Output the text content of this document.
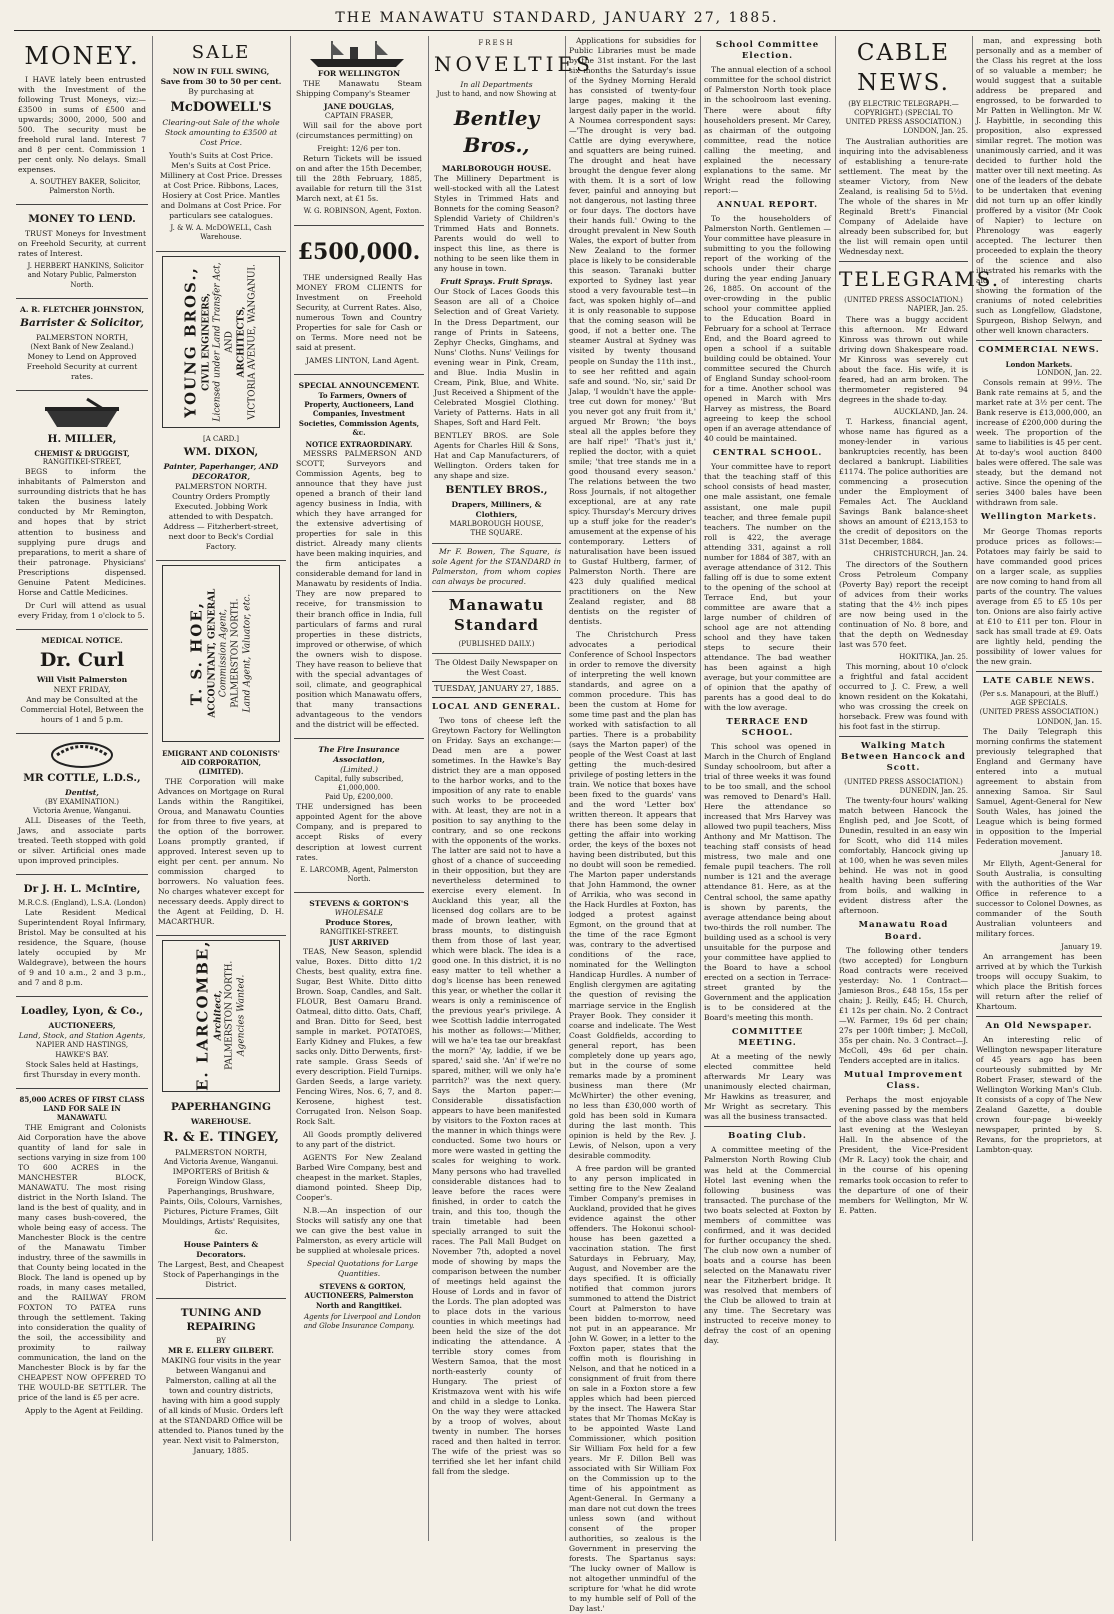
THE MANAWATU STANDARD, JANUARY 27, 1885.
MONEY.

I HAVE lately been entrusted with the Investment of the following Trust Moneys, viz:— £3500 in sums of £500 and upwards; 3000, 2000, 500 and 500. The security must be freehold rural land. Interest 7 and 8 per cent. Commission 1 per cent only. No delays. Small expenses.

A. SOUTHEY BAKER, Solicitor, Palmerston North.

MONEY TO LEND.

TRUST Moneys for Investment on Freehold Security, at current rates of Interest.

J. HERBERT HANKINS, Solicitor and Notary Public, Palmerston North.

A. R. FLETCHER JOHNSTON,
Barrister & Solicitor,
PALMERSTON NORTH,
(Next Bank of New Zealand.)

Money to Lend on Approved Freehold Security at current rates.

H. MILLER,
CHEMIST & DRUGGIST,
RANGITIKEI-STREET,

BEGS to inform the inhabitants of Palmerston and surrounding districts that he has taken the business lately conducted by Mr Remington, and hopes that by strict attention to business and supplying pure drugs and preparations, to merit a share of their patronage. Physicians' Prescriptions dispensed. Genuine Patent Medicines. Horse and Cattle Medicines.

Dr Curl will attend as usual every Friday, from 1 o'clock to 5.

MEDICAL NOTICE.
Dr. Curl
Will Visit Palmerston
NEXT FRIDAY,

And may be Consulted at the Commercial Hotel, Between the hours of 1 and 5 p.m.

MR COTTLE, L.D.S.,
Dentist,
(BY EXAMINATION.)
Victoria Avenue, Wanganui.

ALL Diseases of the Teeth, Jaws, and associate parts treated. Teeth stopped with gold or silver. Artificial ones made upon improved principles.

Dr J. H. L. McIntire,
M.R.C.S. (England), L.S.A. (London)

Late Resident Medical Superintendent Royal Infirmary, Bristol. May be consulted at his residence, the Square, (house lately occupied by Mr Waldegrave), between the hours of 9 and 10 a.m., 2 and 3 p.m., and 7 and 8 p.m.

Loadley, Lyon, & Co.,
AUCTIONEERS,
Land, Stock, and Station Agents,
NAPIER AND HASTINGS, HAWKE'S BAY.

Stock Sales held at Hastings, first Thursday in every month.

85,000 ACRES OF FIRST CLASS LAND FOR SALE IN MANAWATU.

THE Emigrant and Colonists Aid Corporation have the above quantity of land for sale in sections varying in size from 100 TO 600 ACRES in the MANCHESTER BLOCK, MANAWATU. The most rising district in the North Island. The land is the best of quality, and in many cases bush-covered, the whole being easy of access. The Manchester Block is the centre of the Manawatu Timber industry, three of the sawmills in that County being located in the Block. The land is opened up by roads, in many cases metalled, and the RAILWAY FROM FOXTON TO PATEA runs through the settlement. Taking into consideration the quality of the soil, the accessibility and proximity to railway communication, the land on the Manchester Block is by far the CHEAPEST NOW OFFERED TO THE WOULD-BE SETTLER. The price of the land is £5 per acre.

Apply to the Agent at Feilding.

SALE
NOW IN FULL SWING,
Save from 30 to 50 per cent.
By purchasing at
McDOWELL'S

Clearing-out Sale of the whole Stock amounting to £3500 at Cost Price.

Youth's Suits at Cost Price. Men's Suits at Cost Price. Millinery at Cost Price. Dresses at Cost Price. Ribbons, Laces, Hosiery at Cost Price. Mantles and Dolmans at Cost Price. For particulars see catalogues.

J. & W. A. McDOWELL, Cash Warehouse.

YOUNG BROS., CIVIL ENGINEERS, Licensed under Land Transfer Act, AND ARCHITECTS, VICTORIA AVENUE, WANGANUI.
[A CARD.]
WM. DIXON,
Painter, Paperhanger, AND DECORATOR,
PALMERSTON NORTH.

Country Orders Promptly Executed. Jobbing Work attended to with Despatch. Address — Fitzherbert-street, next door to Beck's Cordial Factory.

T. S. HOE, ACCOUNTANT, GENERAL Commission Agent, PALMERSTON NORTH. Land Agent, Valuator, etc.
EMIGRANT AND COLONISTS' AID CORPORATION, (LIMITED).

THE Corporation will make Advances on Mortgage on Rural Lands within the Rangitikei, Oroua, and Manawatu Counties for from three to five years, at the option of the borrower. Loans promptly granted, if approved. Interest seven up to eight per cent. per annum. No commission charged to borrowers. No valuation fees. No charges whatever except for necessary deeds. Apply direct to the Agent at Feilding, D. H. MACARTHUR.

E. LARCOMBE, Architect, PALMERSTON NORTH. Agencies Wanted.
PAPERHANGING
WAREHOUSE.
R. & E. TINGEY,
PALMERSTON NORTH,
And Victoria Avenue, Wanganui.

IMPORTERS of British & Foreign Window Glass, Paperhangings, Brushware, Paints, Oils, Colours, Varnishes, Pictures, Picture Frames, Gilt Mouldings, Artists' Requisites, &c.

House Painters & Decorators.

The Largest, Best, and Cheapest Stock of Paperhangings in the District.

TUNING AND REPAIRING
BY
MR E. ELLERY GILBERT.

MAKING four visits in the year between Wanganui and Palmerston, calling at all the town and country districts, having with him a good supply of all kinds of Music. Orders left at the STANDARD Office will be attended to. Pianos tuned by the year. Next visit to Palmerston, January, 1885.

FOR WELLINGTON

THE Manawatu Steam Shipping Company's Steamer

JANE DOUGLAS,
CAPTAIN FRASER,

Will sail for the above port (circumstances permitting) on

Freight: 12/6 per ton.

Return Tickets will be issued on and after the 15th December, till the 28th February, 1885, available for return till the 31st March next, at £1 5s.

W. G. ROBINSON, Agent, Foxton.

£500,000.

THE undersigned Really Has MONEY FROM CLIENTS for Investment on Freehold Security, at Current Rates. Also, numerous Town and Country Properties for sale for Cash or on Terms. More need not be said at present.

JAMES LINTON, Land Agent.

SPECIAL ANNOUNCEMENT.

To Farmers, Owners of Property, Auctioneers, Land Companies, Investment Societies, Commission Agents, &c.

NOTICE EXTRAORDINARY.

MESSRS PALMERSON AND SCOTT, Surveyors and Commission Agents, beg to announce that they have just opened a branch of their land agency business in India, with which they have arranged for the extensive advertising of properties for sale in this district. Already many clients have been making inquiries, and the firm anticipates a considerable demand for land in Manawatu by residents of India. They are now prepared to receive, for transmission to their branch office in India, full particulars of farms and rural properties in these districts, improved or otherwise, of which the owners wish to dispose. They have reason to believe that with the special advantages of soil, climate, and geographical position which Manawatu offers, that many transactions advantageous to the vendors and the district will be effected.

The Fire Insurance Association,
(Limited.)
Capital, fully subscribed, £1,000,000.
Paid Up, £200,000.

THE undersigned has been appointed Agent for the above Company, and is prepared to accept Risks of every description at lowest current rates.

E. LARCOMB, Agent, Palmerston North.

STEVENS & GORTON'S
WHOLESALE
Produce Stores,
RANGITIKEI-STREET.
JUST ARRIVED

TEAS, New Season, splendid value, Boxes. Ditto ditto 1/2 Chests, best quality, extra fine. Sugar, Best White. Ditto ditto Brown. Soap, Candles, and Salt. FLOUR, Best Oamaru Brand. Oatmeal, ditto ditto. Oats, Chaff, and Bran. Ditto for Seed, best sample in market. POTATOES, Early Kidney and Flukes, a few sacks only. Ditto Derwents, first-rate sample. Grass Seeds of every description. Field Turnips. Garden Seeds, a large variety. Fencing Wires, Nos. 6, 7, and 8. Kerosene, highest test. Corrugated Iron. Nelson Soap. Rock Salt.

All Goods promptly delivered to any part of the district.

AGENTS For New Zealand Barbed Wire Company, best and cheapest in the market. Staples, diamond pointed. Sheep Dip, Cooper's.

N.B.—An inspection of our Stocks will satisfy any one that we can give the best value in Palmerston, as every article will be supplied at wholesale prices.

Special Quotations for Large Quantities.

STEVENS & GORTON, AUCTIONEERS, Palmerston North and Rangitikei.

Agents for Liverpool and London and Globe Insurance Company.

FRESH
NOVELTIES
In all Departments
Just to hand, and now Showing at
Bentley Bros.,
MARLBOROUGH HOUSE.

The Millinery Department is well-stocked with all the Latest Styles in Trimmed Hats and Bonnets for the coming Season? Splendid Variety of Children's Trimmed Hats and Bonnets. Parents would do well to inspect this line, as there is nothing to be seen like them in any house in town.

Fruit Sprays. Fruit Sprays.

Our Stock of Laces Goods this Season are all of a Choice Selection and of Great Variety. In the Dress Department, our range of Prints in Sateens, Zephyr Checks, Ginghams, and Nuns' Cloths. Nuns' Veilings for evening wear in Pink, Cream, and Blue. India Muslin in Cream, Pink, Blue, and White. Just Received a Shipment of the Celebrated Mosgiel Clothing. Variety of Patterns. Hats in all Shapes, Soft and Hard Felt.

BENTLEY BROS. are Sole Agents for Charles Hill & Sons, Hat and Cap Manufacturers, of Wellington. Orders taken for any shape and size.

BENTLEY BROS.,
Drapers, Milliners, & Clothiers,
MARLBOROUGH HOUSE,
THE SQUARE.

Mr F. Bowen, The Square, is sole Agent for the STANDARD in Palmerston, from whom copies can always be procured.

Manawatu Standard
(PUBLISHED DAILY.)
The Oldest Daily Newspaper on the West Coast.
TUESDAY, JANUARY 27, 1885.
LOCAL AND GENERAL.

Two tons of cheese left the Greytown Factory for Wellington on Friday. Says an exchange:—Dead men are a power sometimes. In the Hawke's Bay district they are a man opposed to the harbor works, and to the imposition of any rate to enable such works to be proceeded with. At least, they are not in a position to say anything to the contrary, and so one reckons with the opponents of the works. The latter are said not to have a ghost of a chance of succeeding in their opposition, but they are nevertheless determined to exercise every element. In Auckland this year, all the licensed dog collars are to be made of brown leather, with brass mounts, to distinguish them from those of last year, which were black. The idea is a good one. In this district, it is no easy matter to tell whether a dog's license has been renewed this year, or whether the collar it wears is only a reminiscence of the previous year's privilege. A wee Scottish laddie interrogated his mother as follows:—'Mither, will we ha'e tea tae our breakfast the morn?' 'Ay, laddie, if we be spared,' said she. 'An' if we're no spared, mither, will we only ha'e parritch?' was the next query. Says the Marton paper:—Considerable dissatisfaction appears to have been manifested by visitors to the Foxton races at the manner in which things were conducted. Some two hours or more were wasted in getting the scales for weighing to work. Many persons who had travelled considerable distances had to leave before the races were finished, in order to catch the train, and this too, though the train timetable had been specially arranged to suit the races. The Pall Mall Budget on November 7th, adopted a novel mode of showing by maps the comparison between the number of meetings held against the House of Lords and in favor of the Lords. The plan adopted was to place dots in the various counties in which meetings had been held the size of the dot indicating the attendance. A terrible story comes from Western Samoa, that the most north-easterly county of Hungary. The priest of Kristmazova went with his wife and child in a sledge to Lonka. On the way they were attacked by a troop of wolves, about twenty in number. The horses raced and then halted in terror. The wife of the priest was so terrified she let her infant child fall from the sledge.

Applications for subsidies for Public Libraries must be made by the 31st instant. For the last six months the Saturday's issue of the Sydney Morning Herald has consisted of twenty-four large pages, making it the largest daily paper in the world. A Noumea correspondent says:—'The drought is very bad. Cattle are dying everywhere, and squatters are being ruined. The drought and heat have brought the dengue fever along with them. It is a sort of low fever, painful and annoying but not dangerous, not lasting three or four days. The doctors have their hands full.' Owing to the drought prevalent in New South Wales, the export of butter from New Zealand to the former place is likely to be considerable this season. Taranaki butter exported to Sydney last year stood a very favourable test—in fact, was spoken highly of—and it is only reasonable to suppose that the coming season will be good, if not a better one. The steamer Austral at Sydney was visited by twenty thousand people on Sunday the 11th inst., to see her refitted and again safe and sound. 'No, sir,' said Dr Jalap, 'I wouldn't have the apple-tree cut down for money.' 'But you never got any fruit from it,' argued Mr Brown; 'the boys steal all the apples before they are half ripe!' 'That's just it,' replied the doctor, with a quiet smile; 'that tree stands me in a good thousand every season.' The relations between the two Ross Journals, if not altogether exceptional, are at any rate spicy. Thursday's Mercury drives up a stuff joke for the reader's amusement at the expense of his contemporary. Letters of naturalisation have been issued to Gustaf Hultberg, farmer, of Palmerston North. There are 423 duly qualified medical practitioners on the New Zealand register, and 88 dentists on the register of dentists.

The Christchurch Press advocates a periodical Conference of School Inspectors in order to remove the diversity of interpreting the well known standards, and agree on a common procedure. This has been the custom at Home for some time past and the plan has worked with satisfaction to all parties. There is a probability (says the Marton paper) of the people of the West Coast at last getting the much-desired privilege of posting letters in the train. We notice that boxes have been fixed to the guards' vans and the word 'Letter box' written thereon. It appears that there has been some delay in getting the affair into working order, the keys of the boxes not having been distributed, but this no doubt will soon be remedied. The Marton paper understands that John Hammond, the owner of Arrikia, who was second in the Hack Hurdles at Foxton, has lodged a protest against Egmont, on the ground that at the time of the race Egmont was, contrary to the advertised conditions of the race, nominated for the Wellington Handicap Hurdles. A number of English clergymen are agitating the question of revising the marriage service in the English Prayer Book. They consider it coarse and indelicate. The West Coast Goldfields, according to general report, has been completely done up years ago, but in the course of some remarks made by a prominent business man there (Mr McWhirter) the other evening, no less than £30,000 worth of gold has been sold in Kumara during the last month. This opinion is held by the Rev. J. Lewis, of Nelson, upon a very desirable commodity.

A free pardon will be granted to any person implicated in setting fire to the New Zealand Timber Company's premises in Auckland, provided that he gives evidence against the other offenders. The Hokonui school-house has been gazetted a vaccination station. The first Saturdays in February, May, August, and November are the days specified. It is officially notified that common jurors summoned to attend the District Court at Palmerston to have been bidden to-morrow, need not put in an appearance. Mr John W. Gower, in a letter to the Foxton paper, states that the coffin moth is flourishing in Nelson, and that he noticed in a consignment of fruit from there on sale in a Foxton store a few apples which had been pierced by the insect. The Hawera Star states that Mr Thomas McKay is to be appointed Waste Land Commissioner, which position Sir William Fox held for a few years. Mr F. Dillon Bell was associated with Sir William Fox on the Commission up to the time of his appointment as Agent-General. In Germany a man dare not cut down the trees unless sown (and without consent of the proper authorities, so zealous is the Government in preserving the forests. The Spartanus says: 'The lucky owner of Mallow is not altogether unmindful of the scripture for 'what he did wrote to my humble self of Poll of the Day last.'

School Committee Election.

The annual election of a school committee for the school district of Palmerston North took place in the schoolroom last evening. There were about fifty householders present. Mr Carey, as chairman of the outgoing committee, read the notice calling the meeting, and explained the necessary explanations to the same. Mr Wright read the following report:—

ANNUAL REPORT.

To the householders of Palmerston North. Gentlemen — Your committee have pleasure in submitting to you the following report of the working of the schools under their charge during the year ending January 26, 1885. On account of the over-crowding in the public school your committee applied to the Education Board in February for a school at Terrace End, and the Board agreed to open a school if a suitable building could be obtained. Your committee secured the Church of England Sunday school-room for a time. Another school was opened in March with Mrs Harvey as mistress, the Board agreeing to keep the school open if an average attendance of 40 could be maintained.

CENTRAL SCHOOL.

Your committee have to report that the teaching staff of this school consists of head master, one male assistant, one female assistant, one male pupil teacher, and three female pupil teachers. The number on the roll is 422, the average attending 331, against a roll number for 1884 of 387, with an average attendance of 312. This falling off is due to some extent to the opening of the school at Terrace End, but your committee are aware that a large number of children of school age are not attending school and they have taken steps to secure their attendance. The bad weather has been against a high average, but your committee are of opinion that the apathy of parents has a good deal to do with the low average.

TERRACE END SCHOOL.

This school was opened in March in the Church of England Sunday schoolroom, but after a trial of three weeks it was found to be too small, and the school was removed to Denard's Hall. Here the attendance so increased that Mrs Harvey was allowed two pupil teachers, Miss Anthony and Mr Mattison. The teaching staff consists of head mistress, two male and one female pupil teachers. The roll number is 121 and the average attendance 81. Here, as at the Central school, the same apathy is shown by parents, the average attendance being about two-thirds the roll number. The building used as a school is very unsuitable for the purpose and your committee have applied to the Board to have a school erected on a section in Terrace-street granted by the Government and the application is to be considered at the Board's meeting this month.

COMMITTEE MEETING.

At a meeting of the newly elected committee held afterwards Mr Leary was unanimously elected chairman, Mr Hawkins as treasurer, and Mr Wright as secretary. This was all the business transacted.

Boating Club.

A committee meeting of the Palmerston North Rowing Club was held at the Commercial Hotel last evening when the following business was transacted. The purchase of the two boats selected at Foxton by members of committee was confirmed, and it was decided for further occupancy the shed. The club now own a number of boats and a course has been selected on the Manawatu river near the Fitzherbert bridge. It was resolved that members of the Club be allowed to train at any time. The Secretary was instructed to receive money to defray the cost of an opening day.

CABLE NEWS.
(BY ELECTRIC TELEGRAPH.—COPYRIGHT.) (SPECIAL TO UNITED PRESS ASSOCIATION.)
LONDON, Jan. 25.

The Australian authorities are inquiring into the advisableness of establishing a tenure-rate settlement. The meat by the steamer Victory, from New Zealand, is realising 5d to 5½d. The whole of the shares in Mr Reginald Brett's Financial Company of Adelaide have already been subscribed for, but the list will remain open until Wednesday next.

TELEGRAMS.
(UNITED PRESS ASSOCIATION.)
NAPIER, Jan. 25.

There was a buggy accident this afternoon. Mr Edward Kinross was thrown out while driving down Shakespeare road. Mr Kinross was severely cut about the face. His wife, it is feared, had an arm broken. The thermometer registered 94 degrees in the shade to-day.

AUCKLAND, Jan. 24.

T. Harkess, financial agent, whose name has figured as a money-lender in various bankruptcies recently, has been declared a bankrupt. Liabilities £1174. The police authorities are commencing a prosecution under the Employment of Females Act. The Auckland Savings Bank balance-sheet shows an amount of £213,153 to the credit of depositors on the 31st December, 1884.

CHRISTCHURCH, Jan. 24.

The directors of the Southern Cross Petroleum Company (Poverty Bay) report the receipt of advices from their works stating that the 4½ inch pipes are now being used in the continuation of No. 8 bore, and that the depth on Wednesday last was 570 feet.

HOKITIKA, Jan. 25.

This morning, about 10 o'clock a frightful and fatal accident occurred to J. C. Frew, a well known resident on the Kokatahi, who was crossing the creek on horseback. Frew was found with his foot fast in the stirrup.

Walking Match Between Hancock and Scott.
(UNITED PRESS ASSOCIATION.)
DUNEDIN, Jan. 25.

The twenty-four hours' walking match between Hancock the English ped, and Joe Scott, of Dunedin, resulted in an easy win for Scott, who did 114 miles comfortably, Hancock giving up at 100, when he was seven miles behind. He was not in good health having been suffering from boils, and walking in evident distress after the afternoon.

Manawatu Road Board.

The following other tenders (two accepted) for Longburn Road contracts were received yesterday: No. 1 Contract—Jamieson Bros., £48 15s, 15s per chain; J. Reilly, £45; H. Church, £1 12s per chain. No. 2 Contract—W. Farmer, 19s 6d per chain; 27s per 100ft timber; J. McColl, 35s per chain. No. 3 Contract—J. McColl, 49s 6d per chain. Tenders accepted are in italics.

Mutual Improvement Class.

Perhaps the most enjoyable evening passed by the members of the above class was that held last evening at the Wesleyan Hall. In the absence of the President, the Vice-President (Mr R. Lacy) took the chair, and in the course of his opening remarks took occasion to refer to the departure of one of their members for Wellington, Mr W. E. Patten.

man, and expressing both personally and as a member of the Class his regret at the loss of so valuable a member; he would suggest that a suitable address be prepared and engrossed, to be forwarded to Mr Patten in Wellington. Mr W. J. Haybittle, in seconding this proposition, also expressed similar regret. The motion was unanimously carried, and it was decided to further hold the matter over till next meeting. As one of the leaders of the debate to be undertaken that evening did not turn up an offer kindly proffered by a visitor (Mr Cook of Napier) to lecture on Phrenology was eagerly accepted. The lecturer then proceeded to explain the theory of the science and also illustrated his remarks with the aid of interesting charts showing the formation of the craniums of noted celebrities such as Longfellow, Gladstone, Spurgeon, Bishop Selwyn, and other well known characters.

COMMERCIAL NEWS.
London Markets.
LONDON, Jan. 22.

Consols remain at 99½. The Bank rate remains at 5, and the market rate at 3½ per cent. The Bank reserve is £13,000,000, an increase of £200,000 during the week. The proportion of the same to liabilities is 45 per cent. At to-day's wool auction 8400 bales were offered. The sale was steady, but the demand not active. Since the opening of the series 3400 bales have been withdrawn from sale.

Wellington Markets.

Mr George Thomas reports produce prices as follows:—Potatoes may fairly be said to have commanded good prices on a larger scale, as supplies are now coming to hand from all parts of the country. The values average from £5 to £5 10s per ton. Onions are also fairly active at £10 to £11 per ton. Flour in sack has small trade at £9. Oats are lightly held, pending the possibility of lower values for the new grain.

LATE CABLE NEWS.
(Per s.s. Manapouri, at the Bluff.) AGE SPECIALS.
(UNITED PRESS ASSOCIATION.)
LONDON, Jan. 15.

The Daily Telegraph this morning confirms the statement previously telegraphed that England and Germany have entered into a mutual agreement to abstain from annexing Samoa. Sir Saul Samuel, Agent-General for New South Wales, has joined the League which is being formed in opposition to the Imperial Federation movement.

January 18.

Mr Ellyth, Agent-General for South Australia, is consulting with the authorities of the War Office in reference to a successor to Colonel Downes, as commander of the South Australian volunteers and military forces.

January 19.

An arrangement has been arrived at by which the Turkish troops will occupy Suakim, to which place the British forces will return after the relief of Khartoum.

An Old Newspaper.

An interesting relic of Wellington newspaper literature of 45 years ago has been courteously submitted by Mr Robert Fraser, steward of the Wellington Working Man's Club. It consists of a copy of The New Zealand Gazette, a double crown four-page bi-weekly newspaper, printed by S. Revans, for the proprietors, at Lambton-quay.
